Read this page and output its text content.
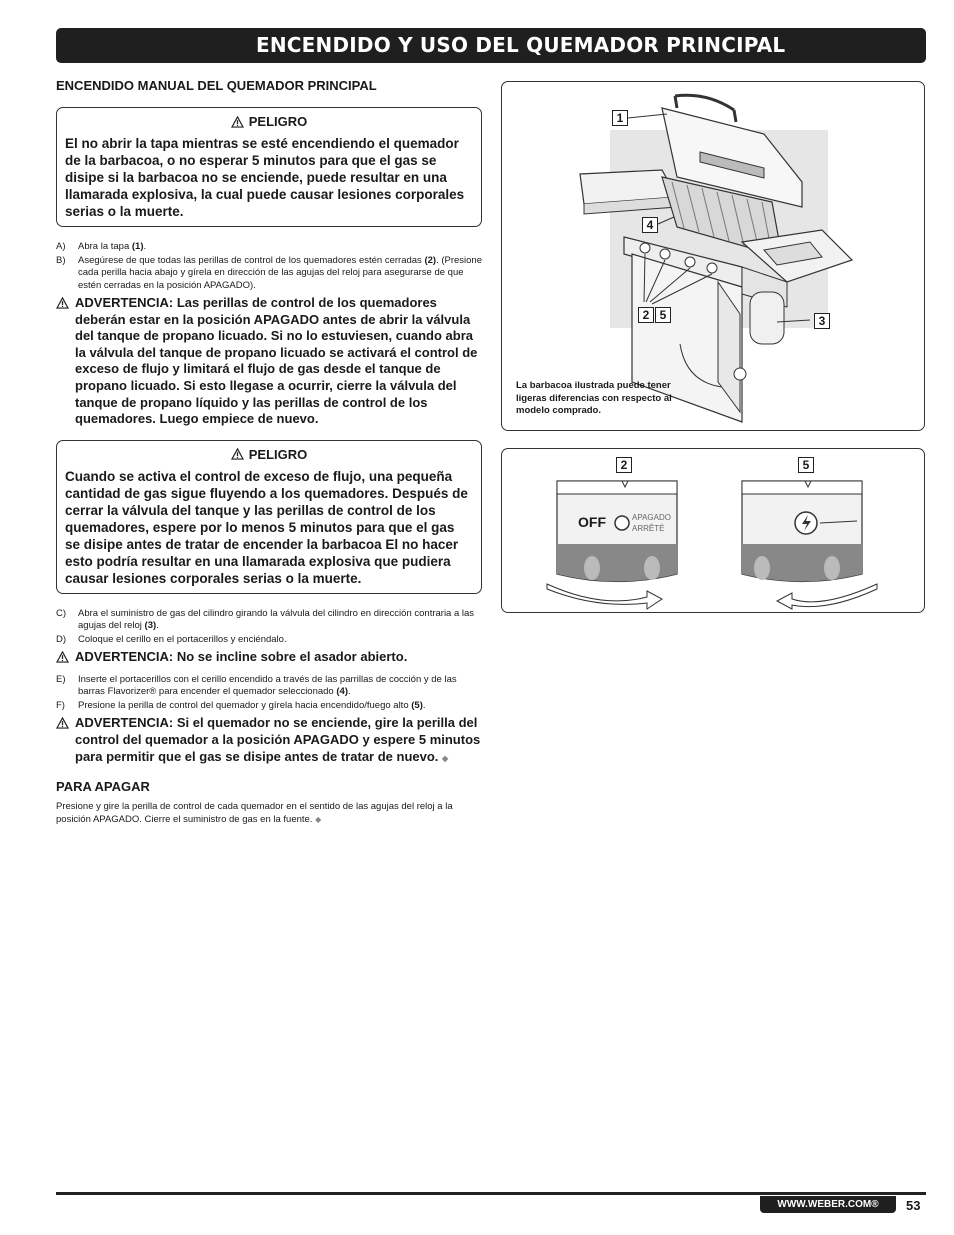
ENCENDIDO Y USO DEL QUEMADOR PRINCIPAL
ENCENDIDO MANUAL DEL QUEMADOR PRINCIPAL
PELIGRO
El no abrir la tapa mientras se esté encendiendo el quemador de la barbacoa, o no esperar 5 minutos para que el gas se disipe si la barbacoa no se enciende, puede resultar en una llamarada explosiva, la cual puede causar lesiones corporales serias o la muerte.
A)	Abra la tapa (1).
B)	Asegúrese de que todas las perillas de control de los quemadores estén cerradas (2). (Presione cada perilla hacia abajo y gírela en dirección de las agujas del reloj para asegurarse de que estén cerradas en la posición APAGADO).
ADVERTENCIA: Las perillas de control de los quemadores deberán estar en la posición APAGADO antes de abrir la válvula del tanque de propano licuado. Si no lo estuviesen, cuando abra la válvula del tanque de propano licuado se activará el control de exceso de flujo y limitará el flujo de gas desde el tanque de propano licuado. Si esto llegase a ocurrir, cierre la válvula del tanque de propano líquido y las perillas de control de los quemadores. Luego empiece de nuevo.
PELIGRO
Cuando se activa el control de exceso de flujo, una pequeña cantidad de gas sigue fluyendo a los quemadores. Después de cerrar la válvula del tanque y las perillas de control de los quemadores, espere por lo menos 5 minutos para que el gas se disipe antes de tratar de encender la barbacoa El no hacer esto podría resultar en una llamarada explosiva que pudiera causar lesiones corporales serias o la muerte.
C)	Abra el suministro de gas del cilindro girando la válvula del cilindro en dirección contraria a las agujas del reloj (3).
D)	Coloque el cerillo en el portacerillos y enciéndalo.
ADVERTENCIA: No se incline sobre el asador abierto.
E)	Inserte el portacerillos con el cerillo encendido a través de las parrillas de cocción y de las barras Flavorizer® para encender el quemador seleccionado (4).
F)	Presione la perilla de control del quemador y gírela hacia encendido/fuego alto (5).
ADVERTENCIA: Si el quemador no se enciende, gire la perilla del control del quemador a la posición APAGADO y espere 5 minutos para permitir que el gas se disipe antes de tratar de nuevo. ◆
PARA APAGAR
Presione y gire la perilla de control de cada quemador en el sentido de las agujas del reloj a la posición APAGADO. Cierre el suministro de gas en la fuente. ◆
1
4
2 5	3
La barbacoa ilustrada puede tener ligeras diferencias con respecto al modelo comprado.
2	5
OFF	APAGADO
ARRÊTÉ
WWW.WEBER.COM®	53
